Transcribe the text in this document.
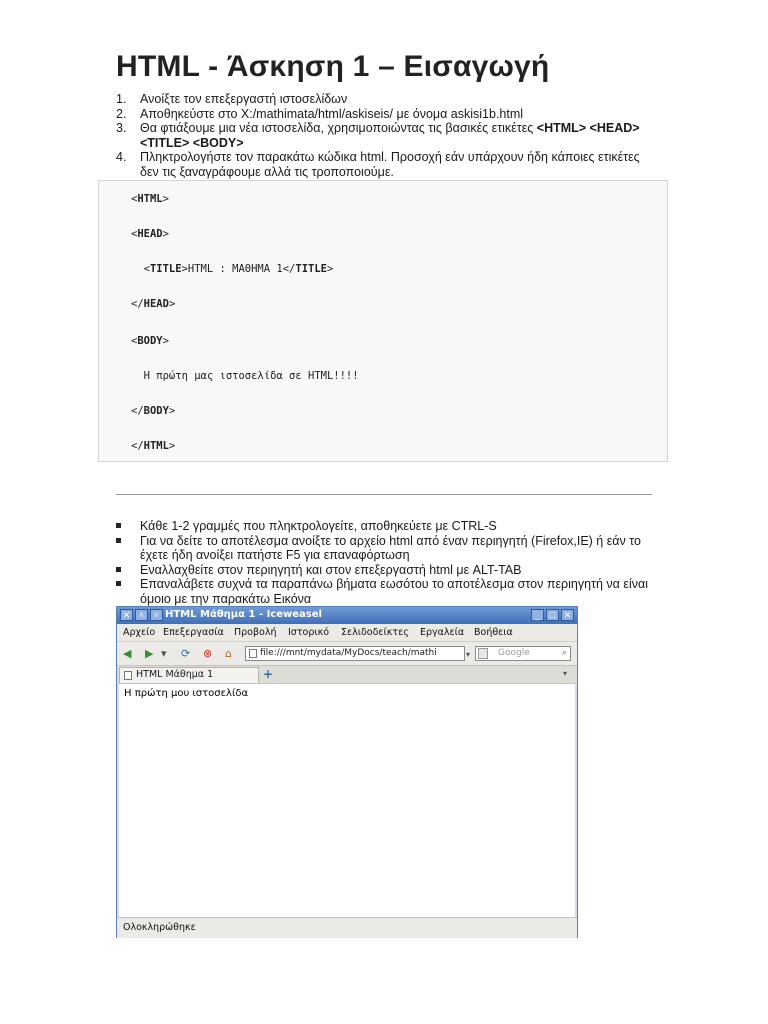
HTML - Άσκηση 1 – Εισαγωγή
1. Ανοίξτε τον επεξεργαστή ιστοσελίδων
2. Αποθηκεύστε στο X:/mathimata/html/askiseis/ με όνομα askisi1b.html
3. Θα φτιάξουμε μια νέα ιστοσελίδα, χρησιμοποιώντας τις βασικές ετικέτες <HTML> <HEAD> <TITLE> <BODY>
4. Πληκτρολογήστε τον παρακάτω κώδικα html. Προσοχή εάν υπάρχουν ήδη κάποιες ετικέτες δεν τις ξαναγράφουμε αλλά τις τροποποιούμε.
<HTML>
<HEAD>
<TITLE>HTML : ΜΑΘΗΜΑ 1</TITLE>
</HEAD>
<BODY>
Η πρώτη μας ιστοσελίδα σε HTML!!!!
</BODY>
</HTML>
Κάθε 1-2 γραμμές που πληκτρολογείτε, αποθηκεύετε με CTRL-S
Για να δείτε το αποτέλεσμα ανοίξτε το αρχείο html από έναν περιηγητή (Firefox,IE) ή εάν το έχετε ήδη ανοίξει πατήστε F5 για επαναφόρτωση
Εναλλαχθείτε στον περιηγητή και στον επεξεργαστή html με ALT-TAB
Επαναλάβετε συχνά τα παραπάνω βήματα εωσότου το αποτέλεσμα στον περιηγητή να είναι όμοιο με την παρακάτω Εικόνα
✕ ˄	˅ HTML Μάθημα 1 - Iceweasel	_	□ ✕
Αρχείο Επεξεργασία Προβολή Ιστορικό Σελιδοδείκτες Εργαλεία Βοήθεια
◀ ▶ ▾ ⟳ ⊗ ⌂	file:///mnt/mydata/MyDocs/teach/mathi	▾	Google	⌕
HTML Μάθημα 1	+	▾
Η πρώτη μου ιστοσελίδα
Ολοκληρώθηκε
